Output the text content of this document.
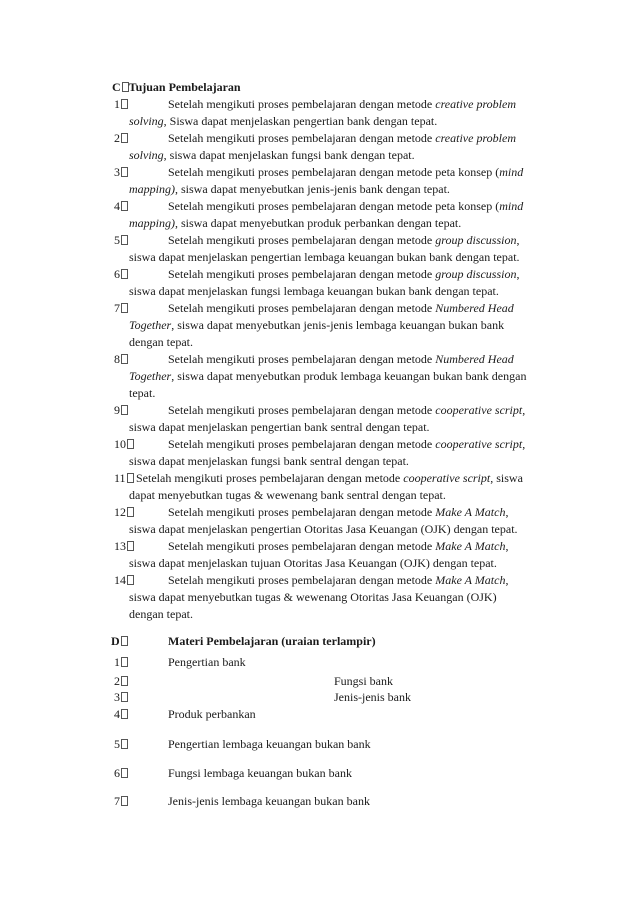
C Tujuan Pembelajaran
1	Setelah mengikuti proses pembelajaran dengan metode creative problem
solving, Siswa dapat menjelaskan pengertian bank dengan tepat.
2	Setelah mengikuti proses pembelajaran dengan metode creative problem
solving, siswa dapat menjelaskan fungsi bank dengan tepat.
3	Setelah mengikuti proses pembelajaran dengan metode peta konsep (mind
mapping), siswa dapat menyebutkan jenis-jenis bank dengan tepat.
4	Setelah mengikuti proses pembelajaran dengan metode peta konsep (mind
mapping), siswa dapat menyebutkan produk perbankan dengan tepat.
5	Setelah mengikuti proses pembelajaran dengan metode group discussion,
siswa dapat menjelaskan pengertian lembaga keuangan bukan bank dengan tepat.
6	Setelah mengikuti proses pembelajaran dengan metode group discussion,
siswa dapat menjelaskan fungsi lembaga keuangan bukan bank dengan tepat.
7	Setelah mengikuti proses pembelajaran dengan metode Numbered Head
Together, siswa dapat menyebutkan jenis-jenis lembaga keuangan bukan bank
dengan tepat.
8	Setelah mengikuti proses pembelajaran dengan metode Numbered Head
Together, siswa dapat menyebutkan produk lembaga keuangan bukan bank dengan
tepat.
9	Setelah mengikuti proses pembelajaran dengan metode cooperative script,
siswa dapat menjelaskan pengertian bank sentral dengan tepat.
10	Setelah mengikuti proses pembelajaran dengan metode cooperative script,
siswa dapat menjelaskan fungsi bank sentral dengan tepat.
11 Setelah mengikuti proses pembelajaran dengan metode cooperative script, siswa
dapat menyebutkan tugas & wewenang bank sentral dengan tepat.
12	Setelah mengikuti proses pembelajaran dengan metode Make A Match,
siswa dapat menjelaskan pengertian Otoritas Jasa Keuangan (OJK) dengan tepat.
13	Setelah mengikuti proses pembelajaran dengan metode Make A Match,
siswa dapat menjelaskan tujuan Otoritas Jasa Keuangan (OJK) dengan tepat.
14	Setelah mengikuti proses pembelajaran dengan metode Make A Match,
siswa dapat menyebutkan tugas & wewenang Otoritas Jasa Keuangan (OJK)
dengan tepat.
D	Materi Pembelajaran (uraian terlampir)
1	Pengertian bank
2	Fungsi bank
3	Jenis-jenis bank
4	Produk perbankan
5	Pengertian lembaga keuangan bukan bank
6	Fungsi lembaga keuangan bukan bank
7	Jenis-jenis lembaga keuangan bukan bank
